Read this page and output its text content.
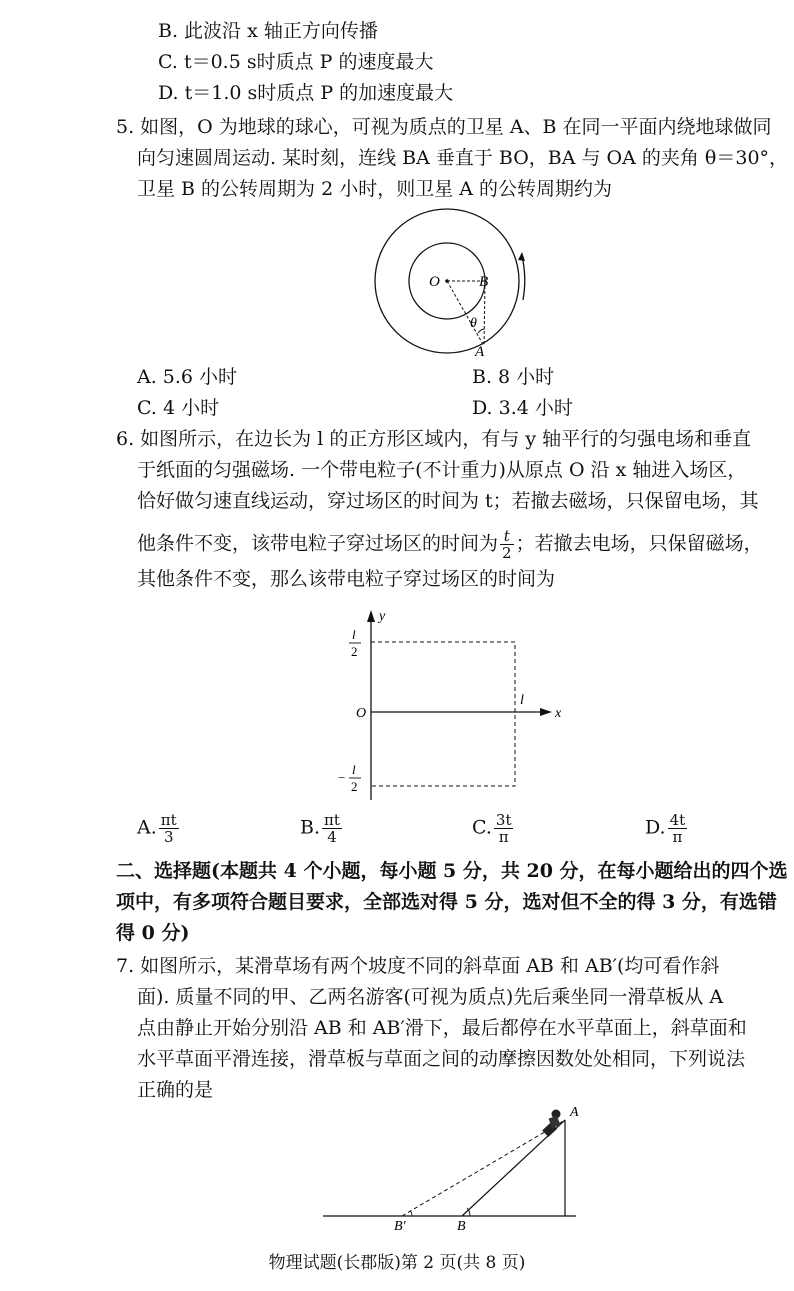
B. 此波沿 x 轴正方向传播
C. t＝0.5 s时质点 P 的速度最大
D. t＝1.0 s时质点 P 的加速度最大
5. 如图，O 为地球的球心，可视为质点的卫星 A、B 在同一平面内绕地球做同
向匀速圆周运动. 某时刻，连线 BA 垂直于 BO，BA 与 OA 的夹角 θ＝30°，
卫星 B 的公转周期为 2 小时，则卫星 A 的公转周期约为
O	B
θ
A
A. 5.6 小时	B. 8 小时
C. 4 小时	D. 3.4 小时
6. 如图所示，在边长为 l 的正方形区域内，有与 y 轴平行的匀强电场和垂直
于纸面的匀强磁场. 一个带电粒子(不计重力)从原点 O 沿 x 轴进入场区，
恰好做匀速直线运动，穿过场区的时间为 t；若撤去磁场，只保留电场，其
他条件不变，该带电粒子穿过场区的时间为 $\frac{t}{2}$ ；若撤去电场，只保留磁场，
其他条件不变，那么该带电粒子穿过场区的时间为
y
x
O
l
l
2
−
l
2
A. $\frac{\pi t}{3}$	B. $\frac{\pi t}{4}$	C. $\frac{3t}{\pi}$	D. $\frac{4t}{\pi}$
二、选择题(本题共 4 个小题，每小题 5 分，共 20 分，在每小题给出的四个选
项中，有多项符合题目要求，全部选对得 5 分，选对但不全的得 3 分，有选错
得 0 分)
7. 如图所示，某滑草场有两个坡度不同的斜草面 AB 和 AB′(均可看作斜
面). 质量不同的甲、乙两名游客(可视为质点)先后乘坐同一滑草板从 A
点由静止开始分别沿 AB 和 AB′滑下，最后都停在水平草面上，斜草面和
水平草面平滑连接，滑草板与草面之间的动摩擦因数处处相同，下列说法
正确的是
A
B
B′
物理试题(长郡版)第 2 页(共 8 页)
